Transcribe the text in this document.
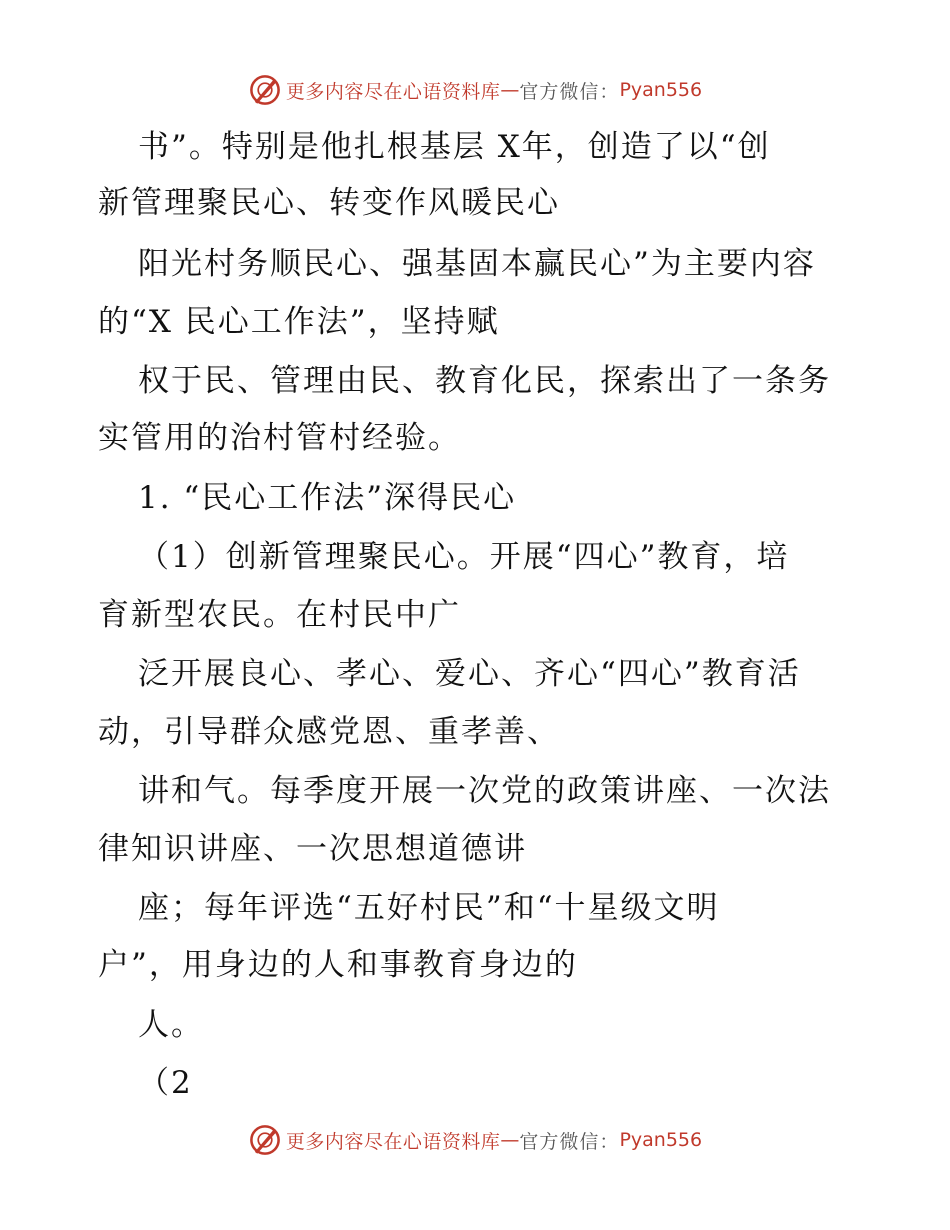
更多内容尽在心语资料库 — 官方微信： Pyan556
书”。特别是他扎根基层 X年，创造了以“创
新管理聚民心、转变作风暖民心
阳光村务顺民心、强基固本赢民心”为主要内容
的“X 民心工作法”，坚持赋
权于民、管理由民、教育化民，探索出了一条务
实管用的治村管村经验。
1. “民心工作法”深得民心
（1）创新管理聚民心。开展“四心”教育，培
育新型农民。在村民中广
泛开展良心、孝心、爱心、齐心“四心”教育活
动，引导群众感党恩、重孝善、
讲和气。每季度开展一次党的政策讲座、一次法
律知识讲座、一次思想道德讲
座；每年评选“五好村民”和“十星级文明
户”，用身边的人和事教育身边的
人。
（2
更多内容尽在心语资料库 — 官方微信： Pyan556
